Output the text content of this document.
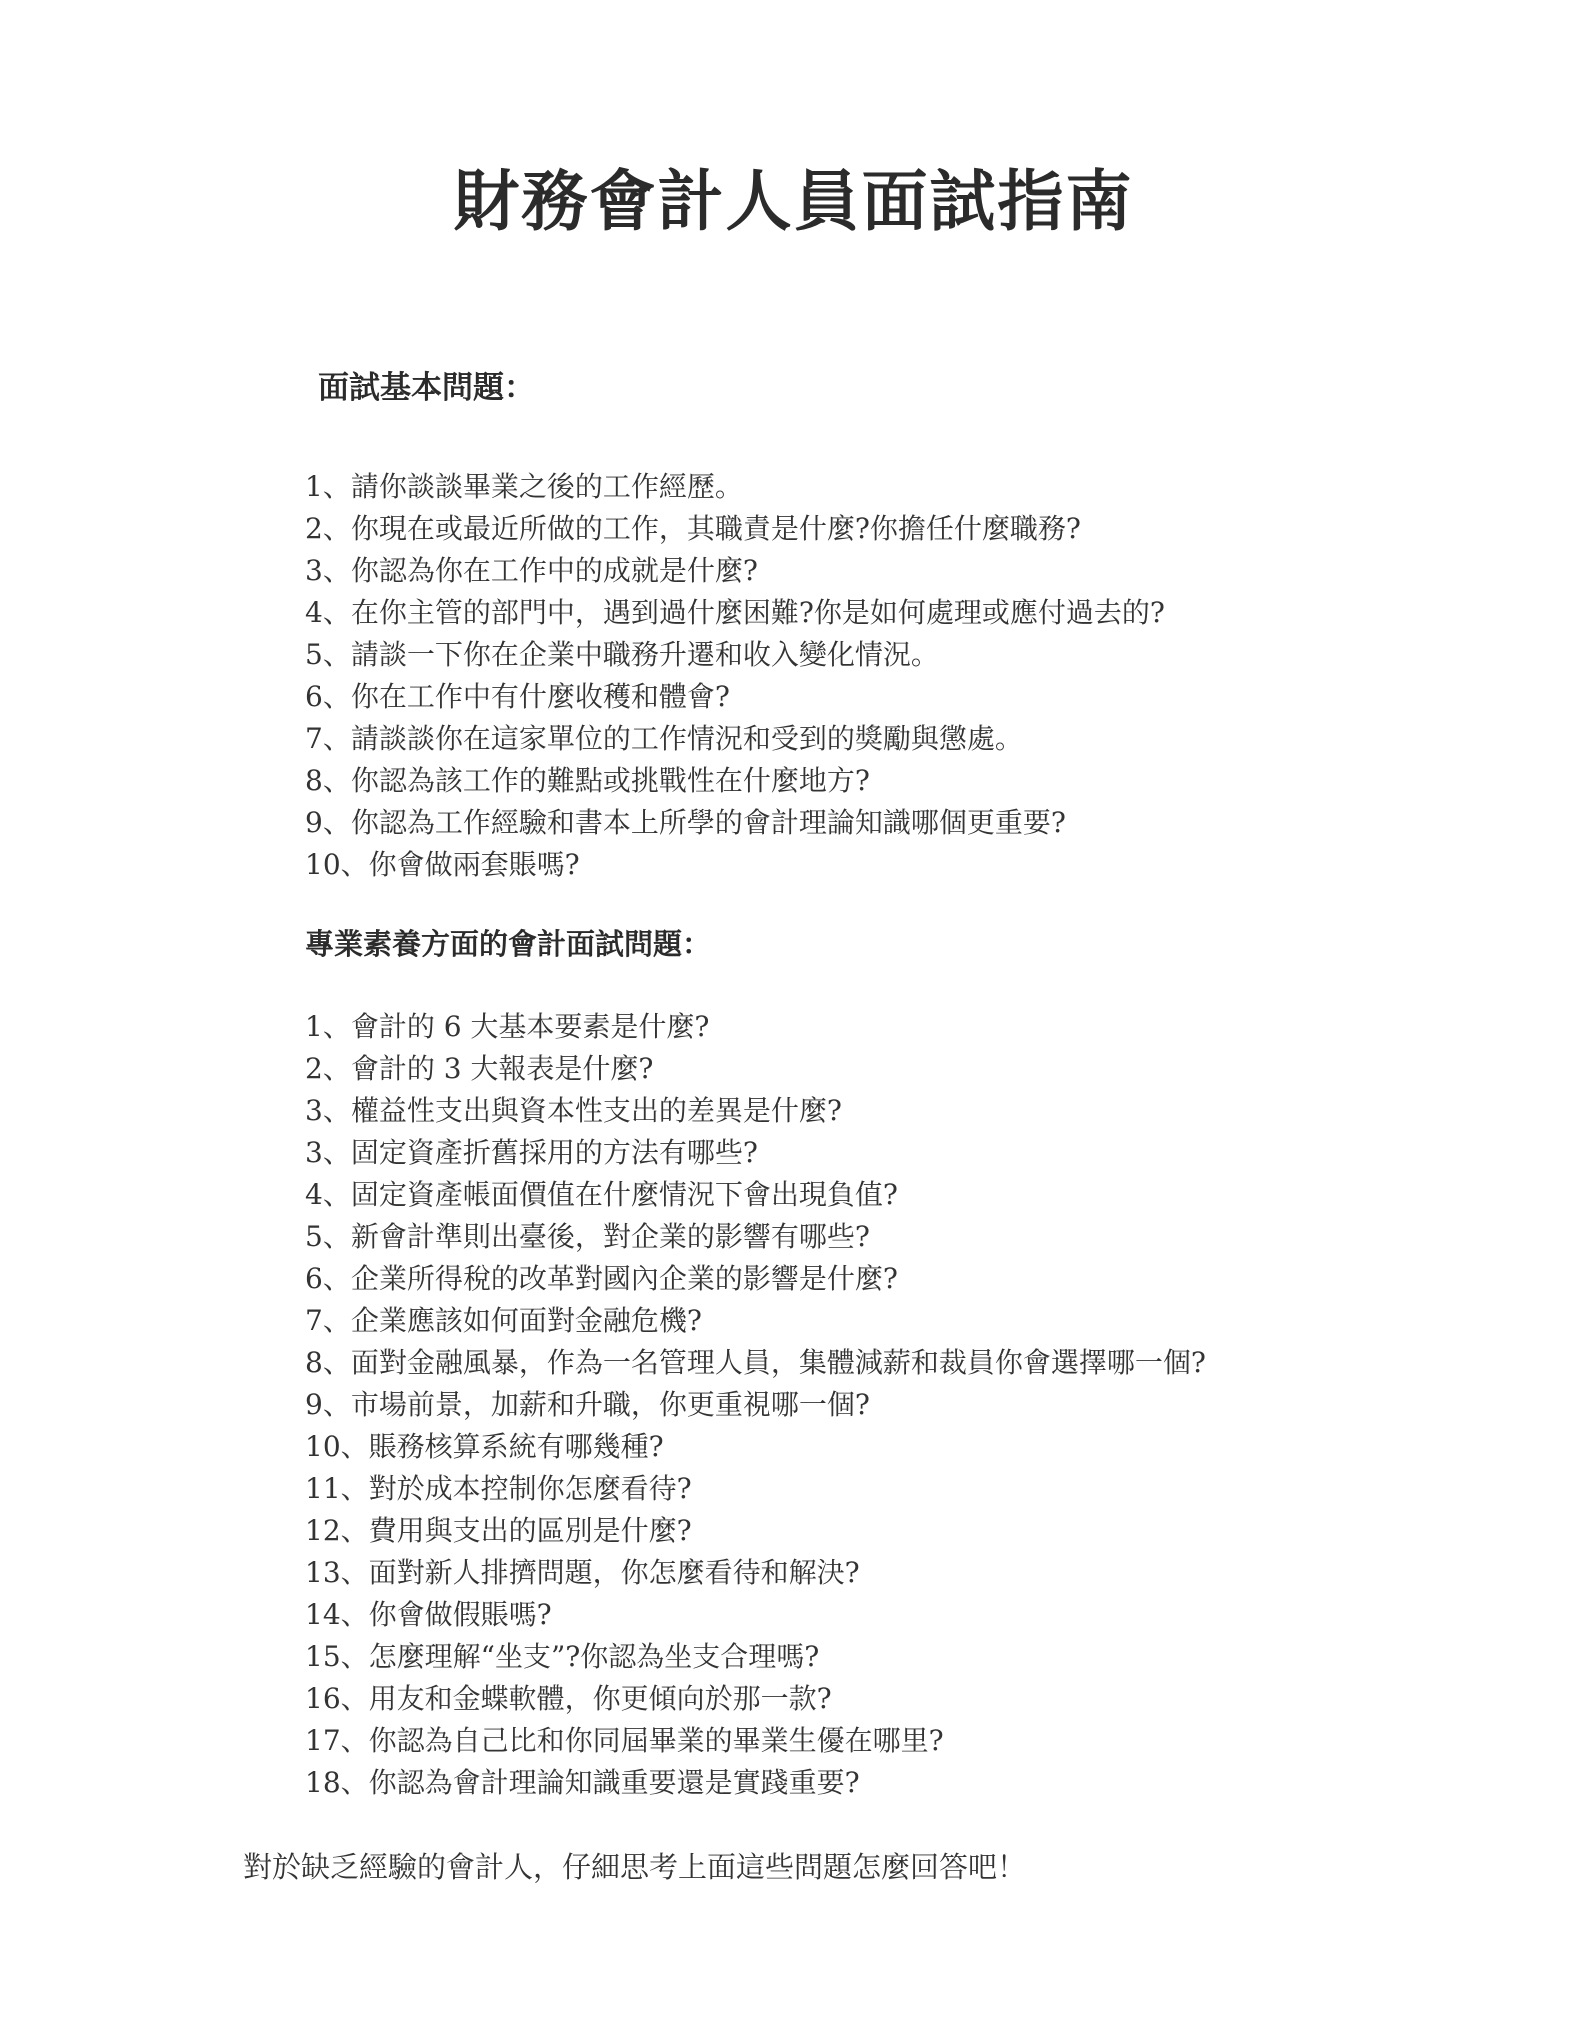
財務會計人員面試指南
面試基本問題：
1、請你談談畢業之後的工作經歷。
2、你現在或最近所做的工作，其職責是什麼?你擔任什麼職務?
3、你認為你在工作中的成就是什麼?
4、在你主管的部門中，遇到過什麼困難?你是如何處理或應付過去的?
5、請談一下你在企業中職務升遷和收入變化情況。
6、你在工作中有什麼收穫和體會?
7、請談談你在這家單位的工作情況和受到的獎勵與懲處。
8、你認為該工作的難點或挑戰性在什麼地方?
9、你認為工作經驗和書本上所學的會計理論知識哪個更重要?
10、你會做兩套賬嗎?
專業素養方面的會計面試問題：
1、會計的 6 大基本要素是什麼?
2、會計的 3 大報表是什麼?
3、權益性支出與資本性支出的差異是什麼?
3、固定資產折舊採用的方法有哪些?
4、固定資產帳面價值在什麼情況下會出現負值?
5、新會計準則出臺後，對企業的影響有哪些?
6、企業所得稅的改革對國內企業的影響是什麼?
7、企業應該如何面對金融危機?
8、面對金融風暴，作為一名管理人員，集體減薪和裁員你會選擇哪一個?
9、市場前景，加薪和升職，你更重視哪一個?
10、賬務核算系統有哪幾種?
11、對於成本控制你怎麼看待?
12、費用與支出的區別是什麼?
13、面對新人排擠問題，你怎麼看待和解決?
14、你會做假賬嗎?
15、怎麼理解“坐支”?你認為坐支合理嗎?
16、用友和金蝶軟體，你更傾向於那一款?
17、你認為自己比和你同屆畢業的畢業生優在哪里?
18、你認為會計理論知識重要還是實踐重要?
對於缺乏經驗的會計人，仔細思考上面這些問題怎麼回答吧！
